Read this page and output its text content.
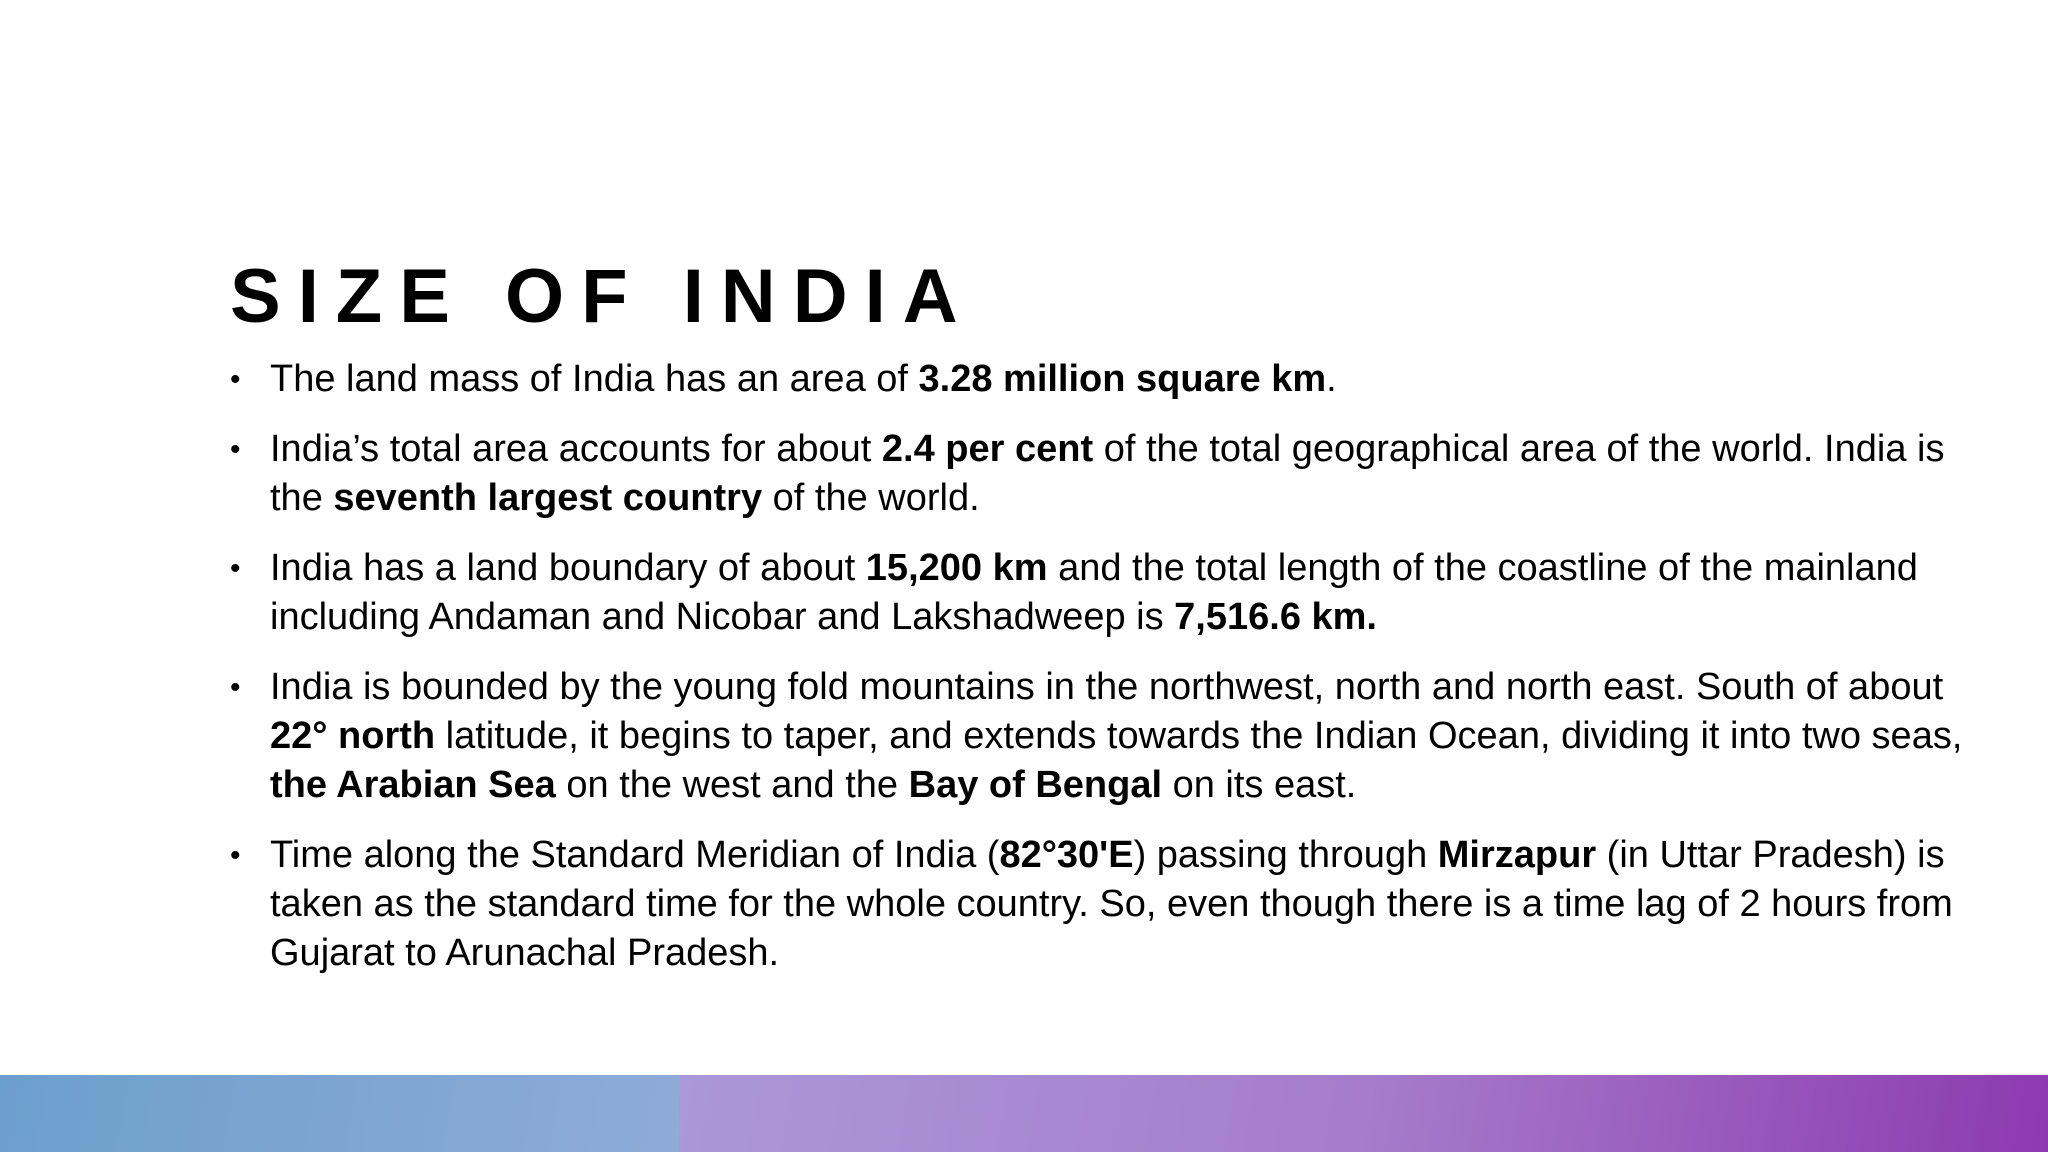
SIZE OF INDIA
• The land mass of India has an area of 3.28 million square km.
• India’s total area accounts for about 2.4 per cent of the total geographical area of the world. India is the seventh largest country of the world.
• India has a land boundary of about 15,200 km and the total length of the coastline of the mainland including Andaman and Nicobar and Lakshadweep is 7,516.6 km.
• India is bounded by the young fold mountains in the northwest, north and north east. South of about 22° north latitude, it begins to taper, and extends towards the Indian Ocean, dividing it into two seas, the Arabian Sea on the west and the Bay of Bengal on its east.
• Time along the Standard Meridian of India (82°30'E) passing through Mirzapur (in Uttar Pradesh) is taken as the standard time for the whole country. So, even though there is a time lag of 2 hours from Gujarat to Arunachal Pradesh.
